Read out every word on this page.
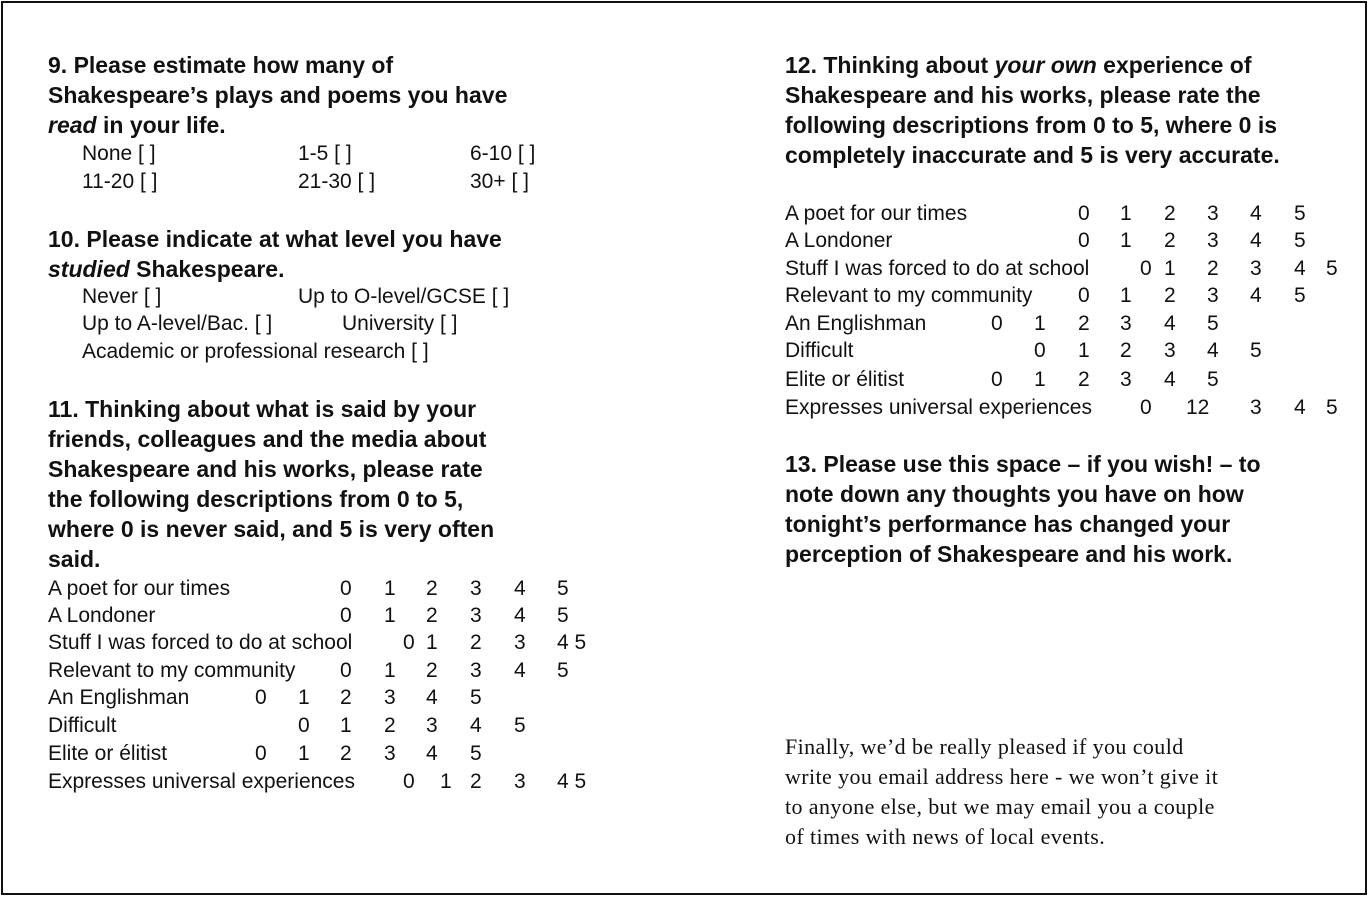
9. Please estimate how many of
Shakespeare’s plays and poems you have
read in your life.
None [ ]	1-5 [ ]	6-10 [ ]
11-20 [ ]	21-30 [ ]	30+ [ ]
10. Please indicate at what level you have
studied Shakespeare.
Never [ ]	Up to O-level/GCSE [ ]
Up to A-level/Bac. [ ]	University [ ]
Academic or professional research [ ]
11. Thinking about what is said by your
friends, colleagues and the media about
Shakespeare and his works, please rate
the following descriptions from 0 to 5,
where 0 is never said, and 5 is very often
said.
A poet for our times	0 1 2 3 4 5
A Londoner	0 1 2 3 4 5
Stuff I was forced to do at school 0 1 2 3 4 5
Relevant to my community 0 1 2 3 4 5
An Englishman	0 1 2 3 4 5
Difficult	0 1 2 3 4 5
Elite or élitist	0 1 2 3 4 5
Expresses universal experiences 0 1 2 3 4 5
12. Thinking about your own experience of
Shakespeare and his works, please rate the
following descriptions from 0 to 5, where 0 is
completely inaccurate and 5 is very accurate.
A poet for our times	0 1 2 3 4 5
A Londoner	0 1 2 3 4 5
Stuff I was forced to do at school 0 1 2 3 4 5
Relevant to my community 0 1 2 3 4 5
An Englishman	0 1 2 3 4 5
Difficult	0 1 2 3 4 5
Elite or élitist	0 1 2 3 4 5
Expresses universal experiences 0 12 3 4 5
13. Please use this space – if you wish! – to
note down any thoughts you have on how
tonight’s performance has changed your
perception of Shakespeare and his work.
Finally, we’d be really pleased if you could
write you email address here - we won’t give it
to anyone else, but we may email you a couple
of times with news of local events.
